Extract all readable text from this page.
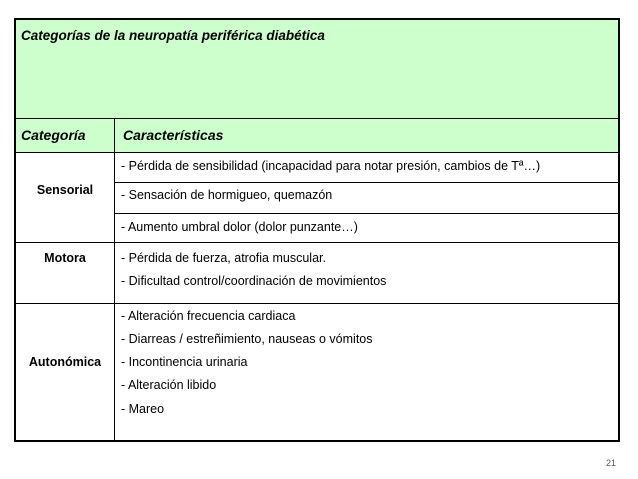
Categorías de la neuropatía periférica diabética
Categoría	Características
Sensorial
- Pérdida de sensibilidad (incapacidad para notar presión, cambios de Tª…)
- Sensación de hormigueo, quemazón
- Aumento umbral dolor (dolor punzante…)
Motora	- Pérdida de fuerza, atrofia muscular.
- Dificultad control/coordinación de movimientos
Autonómica
- Alteración frecuencia cardiaca
- Diarreas / estreñimiento, nauseas o vómitos
- Incontinencia urinaria
- Alteración libido
- Mareo
21
